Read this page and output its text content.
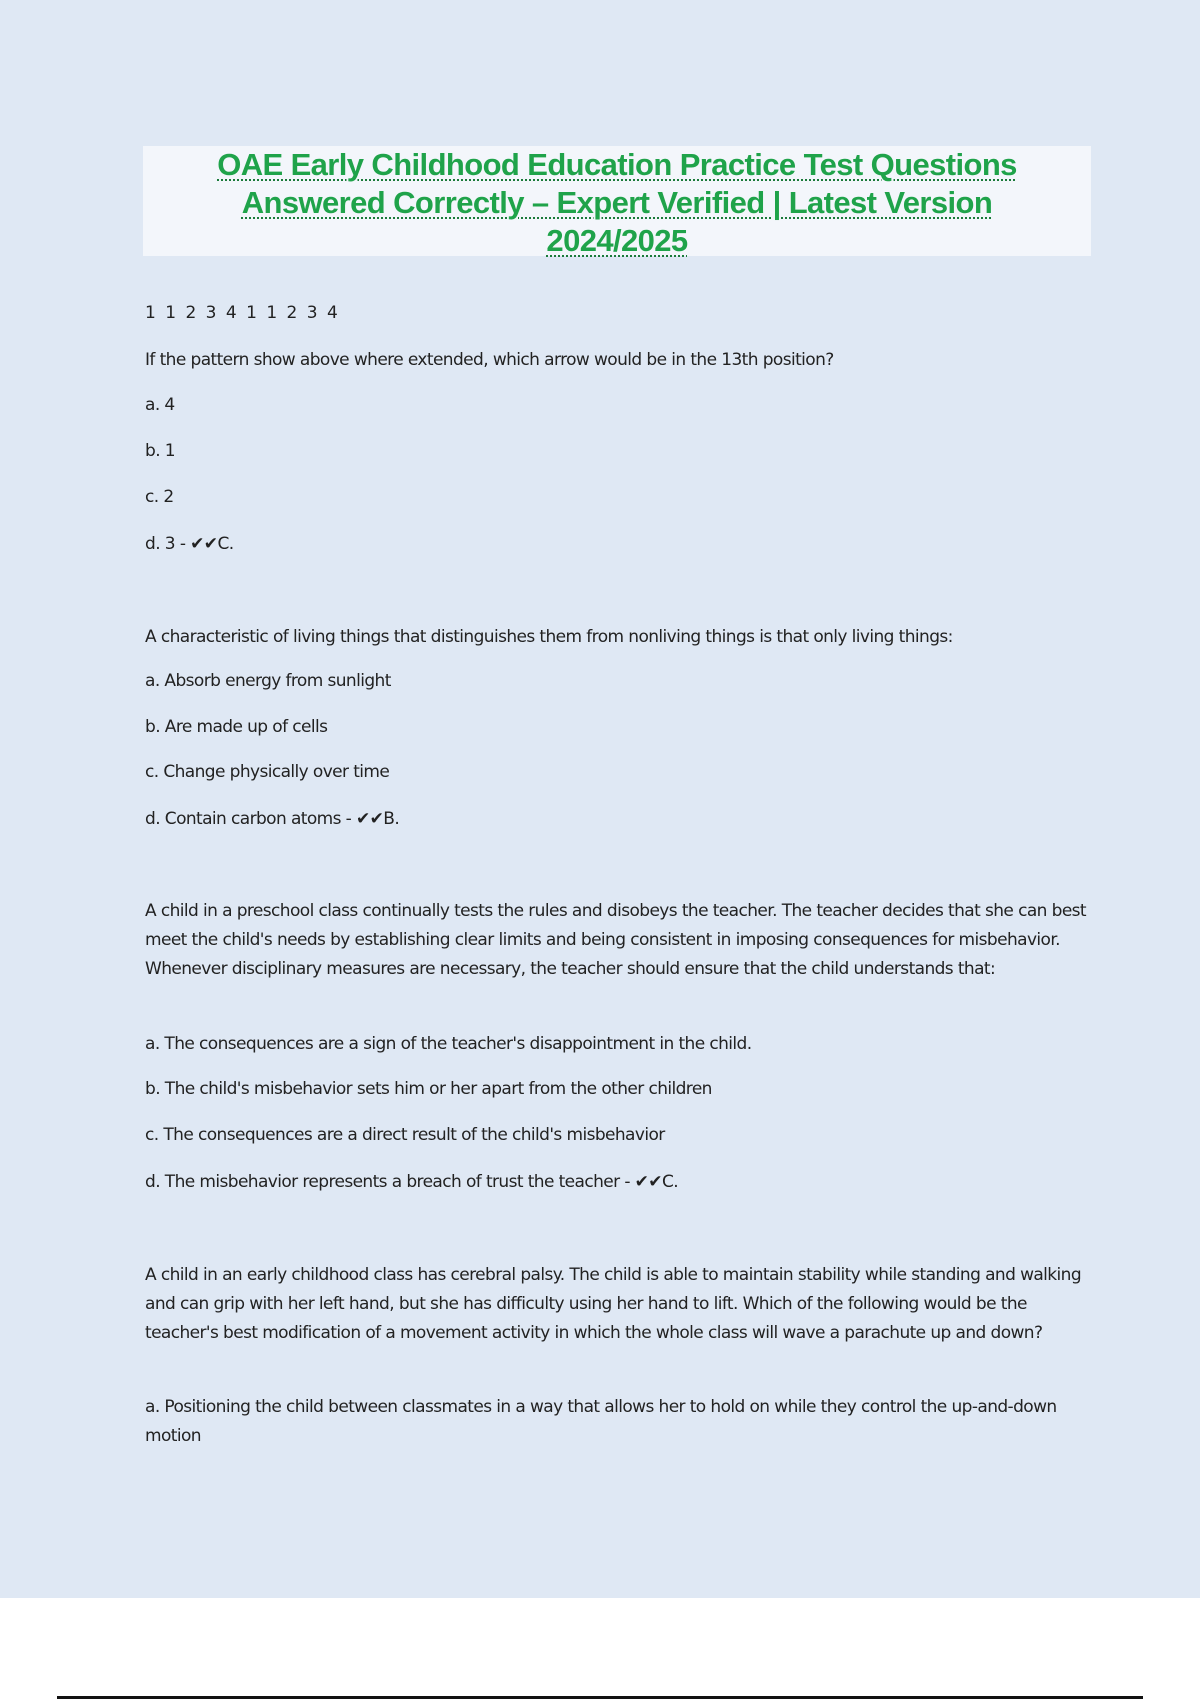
OAE Early Childhood Education Practice Test Questions
Answered Correctly – Expert Verified | Latest Version
2024/2025
1 1 2 3 4 1 1 2 3 4
If the pattern show above where extended, which arrow would be in the 13th position?
a. 4
b. 1
c. 2
d. 3 - ✔✔C.
A characteristic of living things that distinguishes them from nonliving things is that only living things:
a. Absorb energy from sunlight
b. Are made up of cells
c. Change physically over time
d. Contain carbon atoms - ✔✔B.
A child in a preschool class continually tests the rules and disobeys the teacher. The teacher decides that she can best meet the child's needs by establishing clear limits and being consistent in imposing consequences for misbehavior. Whenever disciplinary measures are necessary, the teacher should ensure that the child understands that:
a. The consequences are a sign of the teacher's disappointment in the child.
b. The child's misbehavior sets him or her apart from the other children
c. The consequences are a direct result of the child's misbehavior
d. The misbehavior represents a breach of trust the teacher - ✔✔C.
A child in an early childhood class has cerebral palsy. The child is able to maintain stability while standing and walking and can grip with her left hand, but she has difficulty using her hand to lift. Which of the following would be the teacher's best modification of a movement activity in which the whole class will wave a parachute up and down?
a. Positioning the child between classmates in a way that allows her to hold on while they control the up-and-down motion
